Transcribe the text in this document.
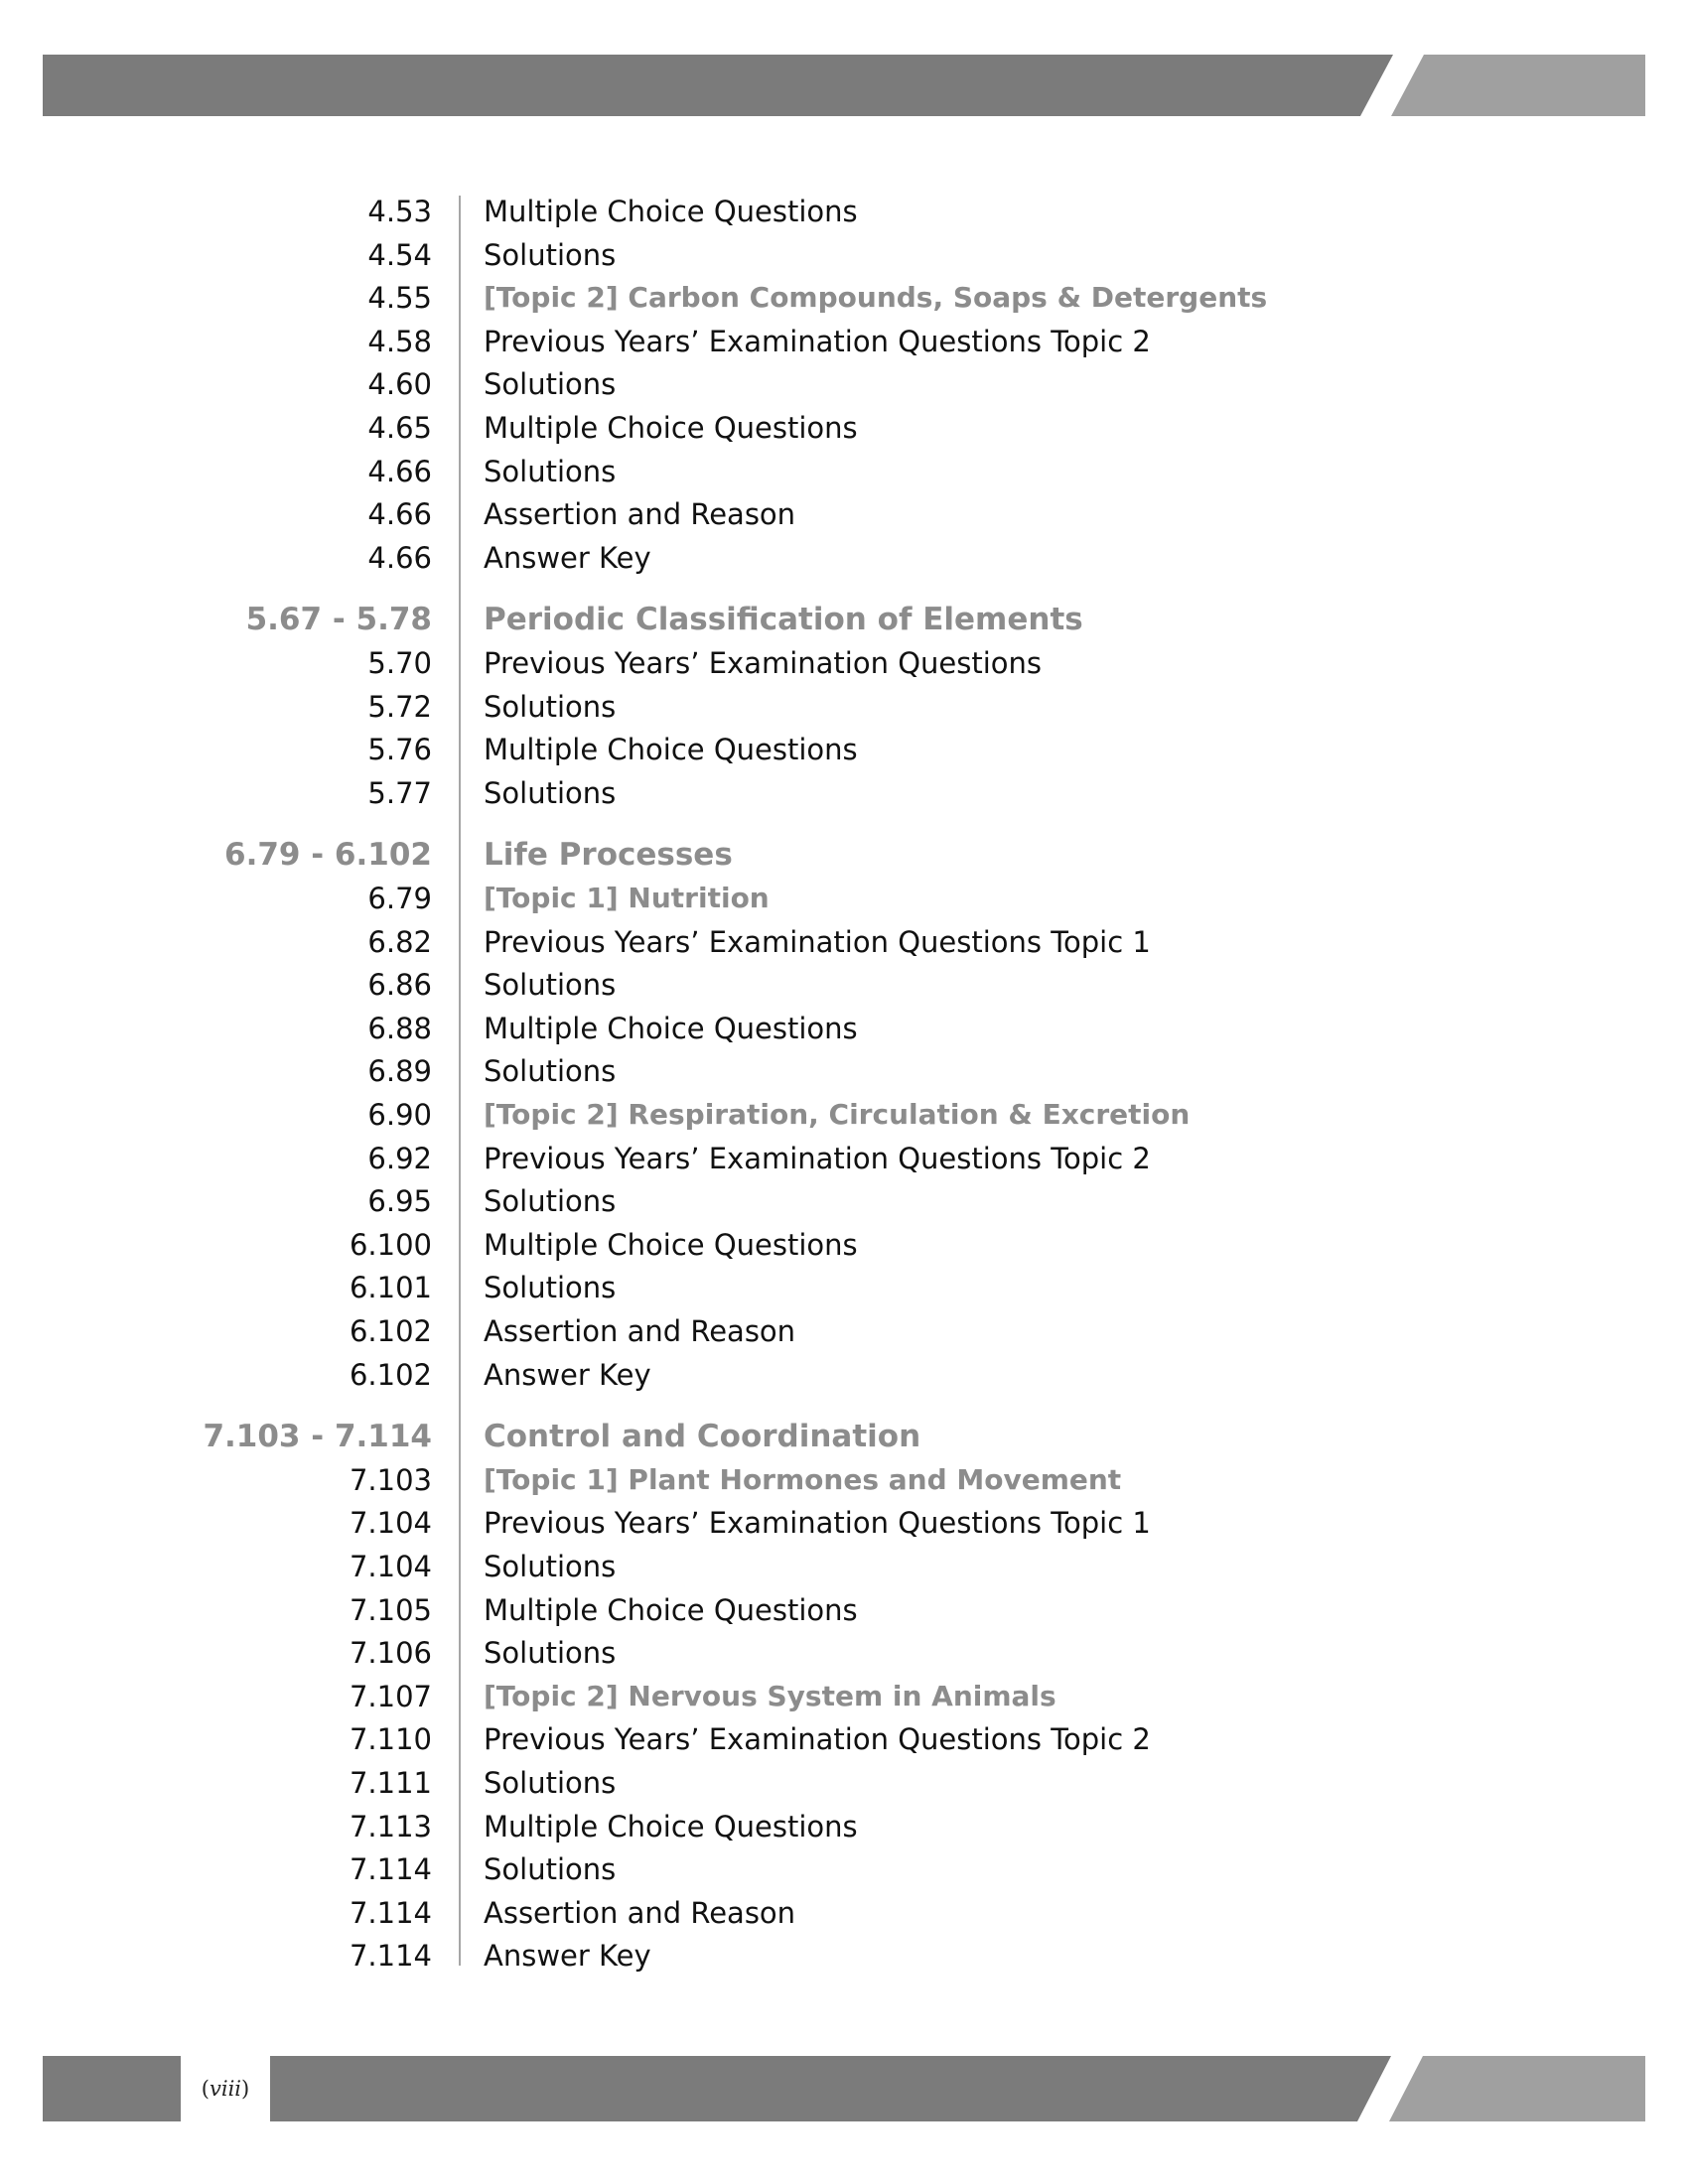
4.53 Multiple Choice Questions
4.54 Solutions
4.55 [Topic 2] Carbon Compounds, Soaps & Detergents
4.58 Previous Years’ Examination Questions Topic 2
4.60 Solutions
4.65 Multiple Choice Questions
4.66 Solutions
4.66 Assertion and Reason
4.66 Answer Key
5.67 - 5.78 Periodic Classification of Elements
5.70 Previous Years’ Examination Questions
5.72 Solutions
5.76 Multiple Choice Questions
5.77 Solutions
6.79 - 6.102 Life Processes
6.79 [Topic 1] Nutrition
6.82 Previous Years’ Examination Questions Topic 1
6.86 Solutions
6.88 Multiple Choice Questions
6.89 Solutions
6.90 [Topic 2] Respiration, Circulation & Excretion
6.92 Previous Years’ Examination Questions Topic 2
6.95 Solutions
6.100 Multiple Choice Questions
6.101 Solutions
6.102 Assertion and Reason
6.102 Answer Key
7.103 - 7.114 Control and Coordination
7.103 [Topic 1] Plant Hormones and Movement
7.104 Previous Years’ Examination Questions Topic 1
7.104 Solutions
7.105 Multiple Choice Questions
7.106 Solutions
7.107 [Topic 2] Nervous System in Animals
7.110 Previous Years’ Examination Questions Topic 2
7.111 Solutions
7.113 Multiple Choice Questions
7.114 Solutions
7.114 Assertion and Reason
7.114 Answer Key
( viii )
